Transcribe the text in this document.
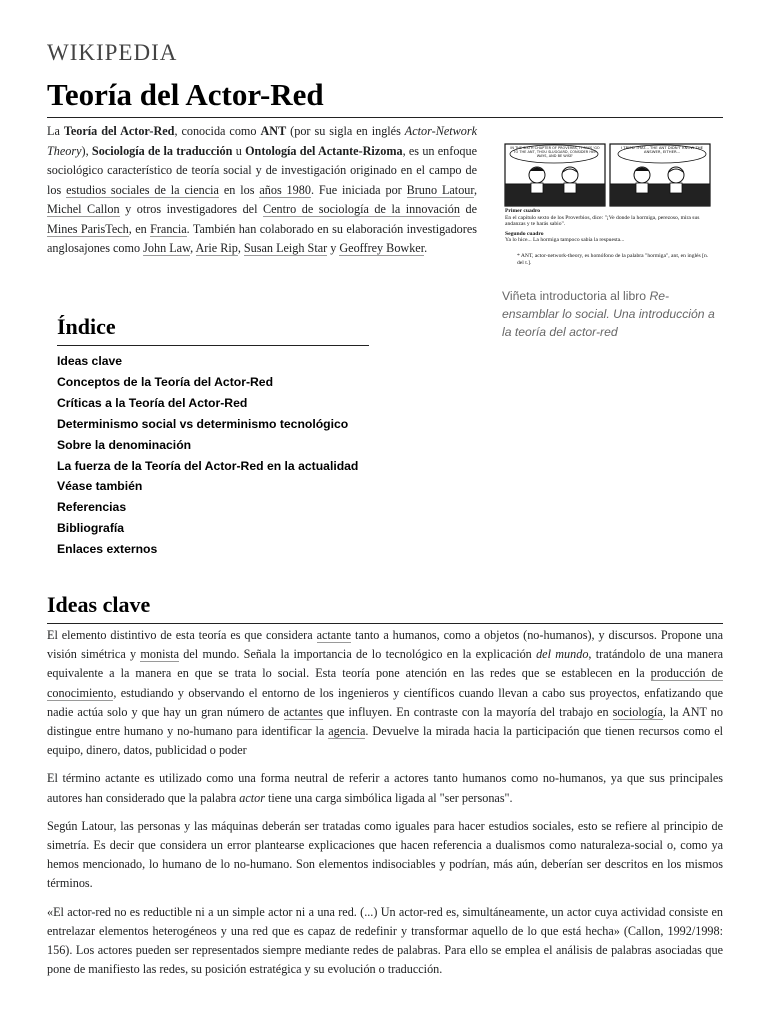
WIKIPEDIA
Teoría del Actor-Red
La Teoría del Actor-Red, conocida como ANT (por su sigla en inglés Actor-Network Theory), Sociología de la traducción u Ontología del Actante-Rizoma, es un enfoque sociológico característico de teoría social y de investigación originado en el campo de los estudios sociales de la ciencia en los años 1980. Fue iniciada por Bruno Latour, Michel Callon y otros investigadores del Centro de sociología de la innovación de Mines ParisTech, en Francia. También han colaborado en su elaboración investigadores anglosajones como John Law, Arie Rip, Susan Leigh Star y Geoffrey Bowker.
IN THE SIXTH CHAPTER OF PROVERBS, IT SAYS 'GO TO THE ANT, THOU SLUGGARD, CONSIDER HER WAYS, AND BE WISE'
I TRIED THAT... THE ANT DIDN'T KNOW THE ANSWER, EITHER...
Primer cuadro
En el capítulo sexto de los Proverbios, dice: "¡Ve donde la hormiga, perezoso, mira sus andanzas y te harás sabio".
Segundo cuadro
Ya lo hice... La hormiga tampoco sabía la respuesta...
* ANT, actor-network-theory, es homófono de la palabra "hormiga", ant, en inglés [n. del t.].
Viñeta introductoria al libro Re-ensamblar lo social. Una introducción a la teoría del actor-red
Índice
Ideas clave
Conceptos de la Teoría del Actor-Red
Críticas a la Teoría del Actor-Red
Determinismo social vs determinismo tecnológico
Sobre la denominación
La fuerza de la Teoría del Actor-Red en la actualidad
Véase también
Referencias
Bibliografía
Enlaces externos
Ideas clave

El elemento distintivo de esta teoría es que considera actante tanto a humanos, como a objetos (no-humanos), y discursos. Propone una visión simétrica y monista del mundo. Señala la importancia de lo tecnológico en la explicación del mundo, tratándolo de una manera equivalente a la manera en que se trata lo social. Esta teoría pone atención en las redes que se establecen en la producción de conocimiento, estudiando y observando el entorno de los ingenieros y científicos cuando llevan a cabo sus proyectos, enfatizando que nadie actúa solo y que hay un gran número de actantes que influyen. En contraste con la mayoría del trabajo en sociología, la ANT no distingue entre humano y no-humano para identificar la agencia. Devuelve la mirada hacia la participación que tienen recursos como el equipo, dinero, datos, publicidad o poder

El término actante es utilizado como una forma neutral de referir a actores tanto humanos como no-humanos, ya que sus principales autores han considerado que la palabra actor tiene una carga simbólica ligada al "ser personas".

Según Latour, las personas y las máquinas deberán ser tratadas como iguales para hacer estudios sociales, esto se refiere al principio de simetría. Es decir que considera un error plantearse explicaciones que hacen referencia a dualismos como naturaleza-social o, como ya hemos mencionado, lo humano de lo no-humano. Son elementos indisociables y podrían, más aún, deberían ser descritos en los mismos términos.

«El actor-red no es reductible ni a un simple actor ni a una red. (...) Un actor-red es, simultáneamente, un actor cuya actividad consiste en entrelazar elementos heterogéneos y una red que es capaz de redefinir y transformar aquello de lo que está hecha» (Callon, 1992/1998: 156). Los actores pueden ser representados siempre mediante redes de palabras. Para ello se emplea el análisis de palabras asociadas que pone de manifiesto las redes, su posición estratégica y su evolución o traducción.
